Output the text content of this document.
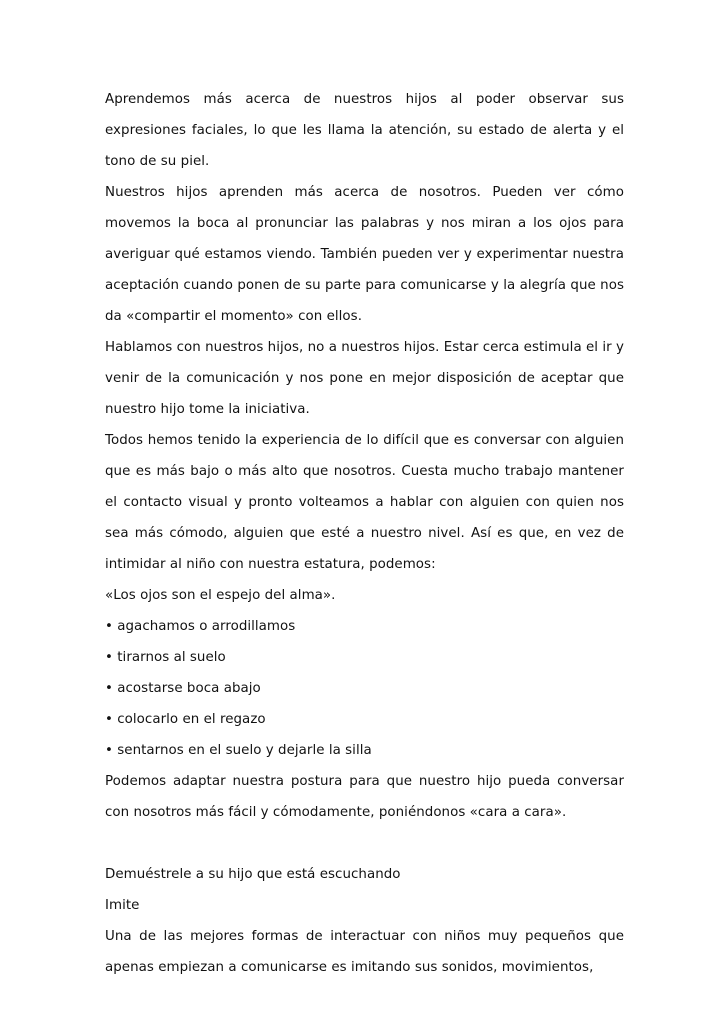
Aprendemos más acerca de nuestros hijos al poder observar sus expresiones faciales, lo que les llama la atención, su estado de alerta y el tono de su piel.

Nuestros hijos aprenden más acerca de nosotros. Pueden ver cómo movemos la boca al pronunciar las palabras y nos miran a los ojos para averiguar qué estamos viendo. También pueden ver y experimentar nuestra aceptación cuando ponen de su parte para comunicarse y la alegría que nos da «compartir el momento» con ellos.

Hablamos con nuestros hijos, no a nuestros hijos. Estar cerca estimula el ir y venir de la comunicación y nos pone en mejor disposición de aceptar que nuestro hijo tome la iniciativa.

Todos hemos tenido la experiencia de lo difícil que es conversar con alguien que es más bajo o más alto que nosotros. Cuesta mucho trabajo mantener el contacto visual y pronto volteamos a hablar con alguien con quien nos sea más cómodo, alguien que esté a nuestro nivel. Así es que, en vez de intimidar al niño con nuestra estatura, podemos:

«Los ojos son el espejo del alma».

• agachamos o arrodillamos

• tirarnos al suelo

• acostarse boca abajo

• colocarlo en el regazo

• sentarnos en el suelo y dejarle la silla

Podemos adaptar nuestra postura para que nuestro hijo pueda conversar con nosotros más fácil y cómodamente, poniéndonos «cara a cara».

Demuéstrele a su hijo que está escuchando

Imite

Una de las mejores formas de interactuar con niños muy pequeños que apenas empiezan a comunicarse es imitando sus sonidos, movimientos,
